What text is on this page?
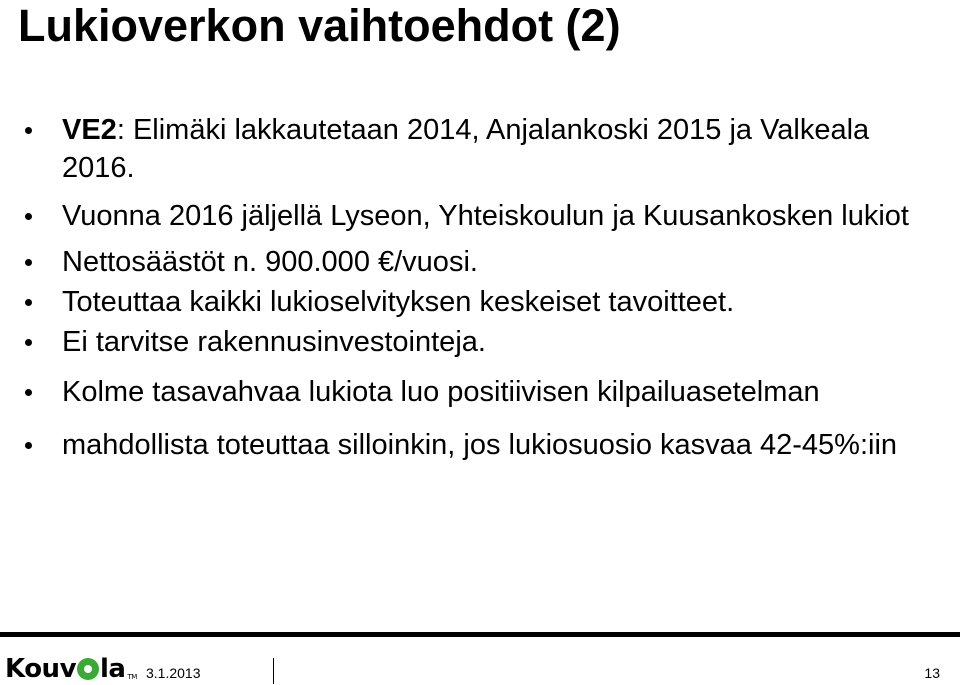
Lukioverkon vaihtoehdot (2)
VE2: Elimäki lakkautetaan 2014, Anjalankoski 2015 ja Valkeala 2016.
Vuonna 2016 jäljellä Lyseon, Yhteiskoulun ja Kuusankosken lukiot
Nettosäästöt n. 900.000 €/vuosi.
Toteuttaa kaikki lukioselvityksen keskeiset tavoitteet.
Ei tarvitse rakennusinvestointeja.
Kolme tasavahvaa lukiota luo positiivisen kilpailuasetelman
mahdollista toteuttaa silloinkin, jos lukiosuosio kasvaa 42-45%:iin
Kouv la TM 3.1.2013	13
